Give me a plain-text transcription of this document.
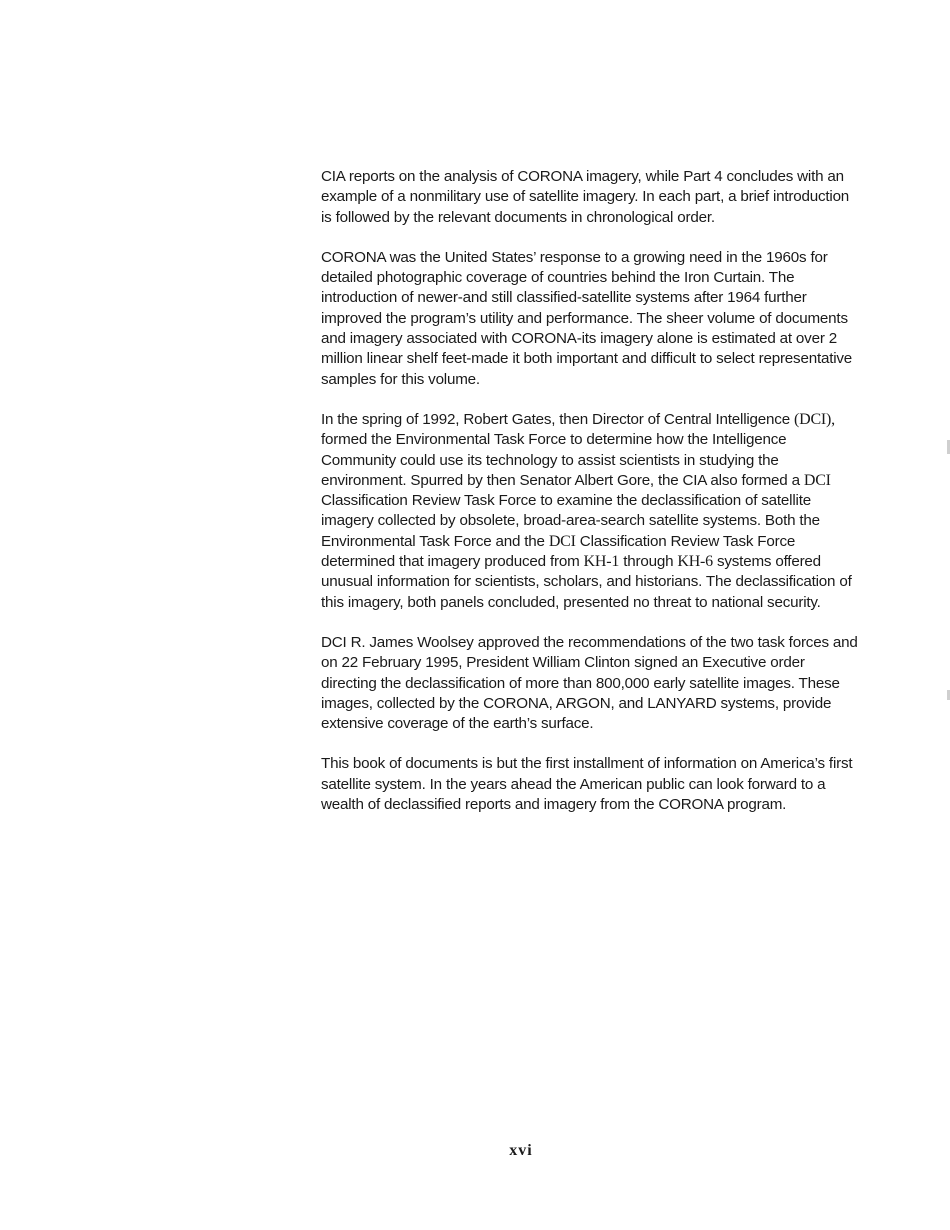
CIA reports on the analysis of CORONA imagery, while Part 4 concludes with an example of a nonmilitary use of satellite imagery. In each part, a brief introduction is followed by the relevant documents in chronological order.

CORONA was the United States’ response to a growing need in the 1960s for detailed photographic coverage of countries behind the Iron Curtain. The introduction of newer-and still classified-satellite systems after 1964 further improved the program’s utility and performance. The sheer volume of documents and imagery associated with CORONA-its imagery alone is estimated at over 2 million linear shelf feet-made it both important and difficult to select representative samples for this volume.

In the spring of 1992, Robert Gates, then Director of Central Intelligence (DCI), formed the Environmental Task Force to determine how the Intelligence Community could use its technology to assist scientists in studying the environment. Spurred by then Senator Albert Gore, the CIA also formed a DCI Classification Review Task Force to examine the declassification of satellite imagery collected by obsolete, broad-area-search satellite systems. Both the Environmental Task Force and the DCI Classification Review Task Force determined that imagery produced from KH-1 through KH-6 systems offered unusual information for scientists, scholars, and historians. The declassification of this imagery, both panels concluded, presented no threat to national security.

DCI R. James Woolsey approved the recommendations of the two task forces and on 22 February 1995, President William Clinton signed an Executive order directing the declassification of more than 800,000 early satellite images. These images, collected by the CORONA, ARGON, and LANYARD systems, provide extensive coverage of the earth’s surface.

This book of documents is but the first installment of information on America’s first satellite system. In the years ahead the American public can look forward to a wealth of declassified reports and imagery from the CORONA program.

xvi
